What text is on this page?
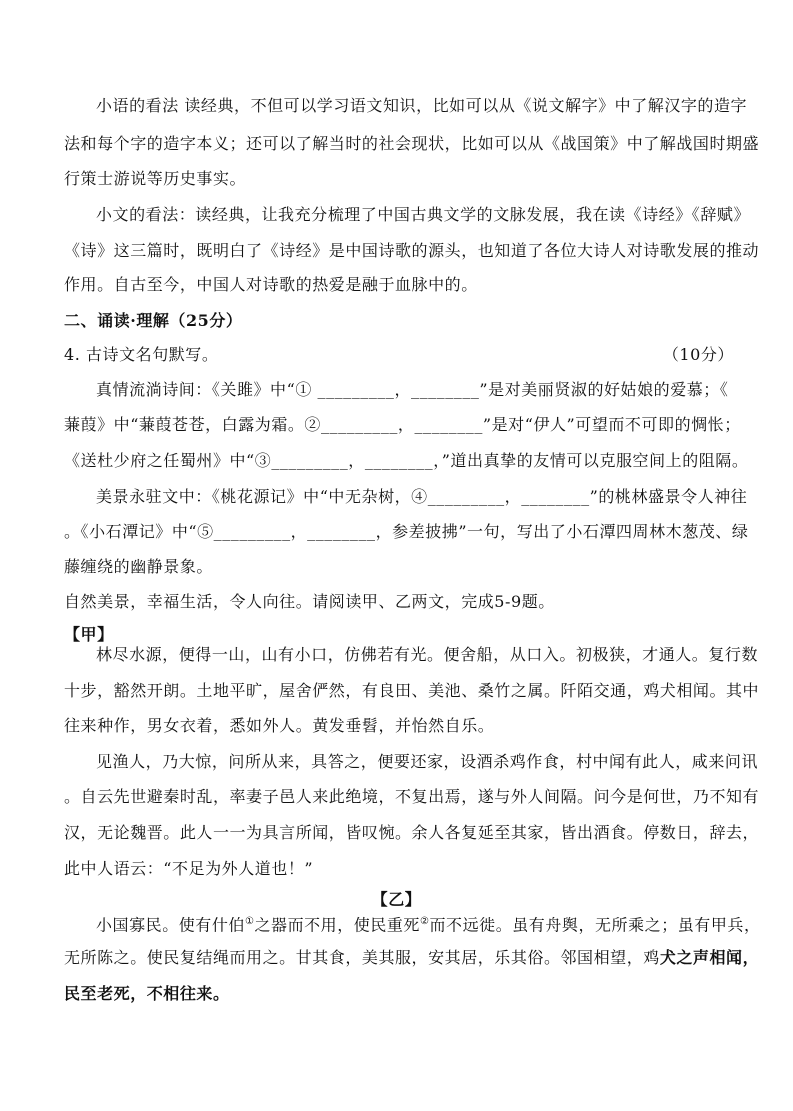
小语的看法 读经典，不但可以学习语文知识，比如可以从《说文解字》中了解汉字的造字
法和每个字的造字本义；还可以了解当时的社会现状，比如可以从《战国策》中了解战国时期盛
行策士游说等历史事实。
小文的看法：读经典，让我充分梳理了中国古典文学的文脉发展，我在读《诗经》《辞赋》
《诗》这三篇时，既明白了《诗经》是中国诗歌的源头，也知道了各位大诗人对诗歌发展的推动
作用。自古至今，中国人对诗歌的热爱是融于血脉中的。
二、诵读·理解（25分）
4. 古诗文名句默写。	（10分）
真情流淌诗间：《关雎》中“① _________，________”是对美丽贤淑的好姑娘的爱慕；《
蒹葭》中“蒹葭苍苍，白露为霜。②_________，________”是对“伊人”可望而不可即的惆怅；
《送杜少府之任蜀州》中“③_________，________，”道出真挚的友情可以克服空间上的阻隔。
美景永驻文中：《桃花源记》中“中无杂树，④_________，________”的桃林盛景令人神往
。《小石潭记》中“⑤_________，________，参差披拂”一句，写出了小石潭四周林木葱茂、绿
藤缠绕的幽静景象。
自然美景，幸福生活，令人向往。请阅读甲、乙两文，完成5-9题。
【甲】
林尽水源，便得一山，山有小口，仿佛若有光。便舍船，从口入。初极狭，才通人。复行数
十步，豁然开朗。土地平旷，屋舍俨然，有良田、美池、桑竹之属。阡陌交通，鸡犬相闻。其中
往来种作，男女衣着，悉如外人。黄发垂髫，并怡然自乐。
见渔人，乃大惊，问所从来，具答之，便要还家，设酒杀鸡作食，村中闻有此人，咸来问讯
。自云先世避秦时乱，率妻子邑人来此绝境，不复出焉，遂与外人间隔。问今是何世，乃不知有
汉，无论魏晋。此人一一为具言所闻，皆叹惋。余人各复延至其家，皆出酒食。停数日，辞去，
此中人语云：“不足为外人道也！”
【乙】
小国寡民。使有什伯①之器而不用，使民重死②而不远徙。虽有舟舆，无所乘之；虽有甲兵，
无所陈之。使民复结绳而用之。甘其食，美其服，安其居，乐其俗。邻国相望，鸡犬之声相闻，
民至老死，不相往来。
